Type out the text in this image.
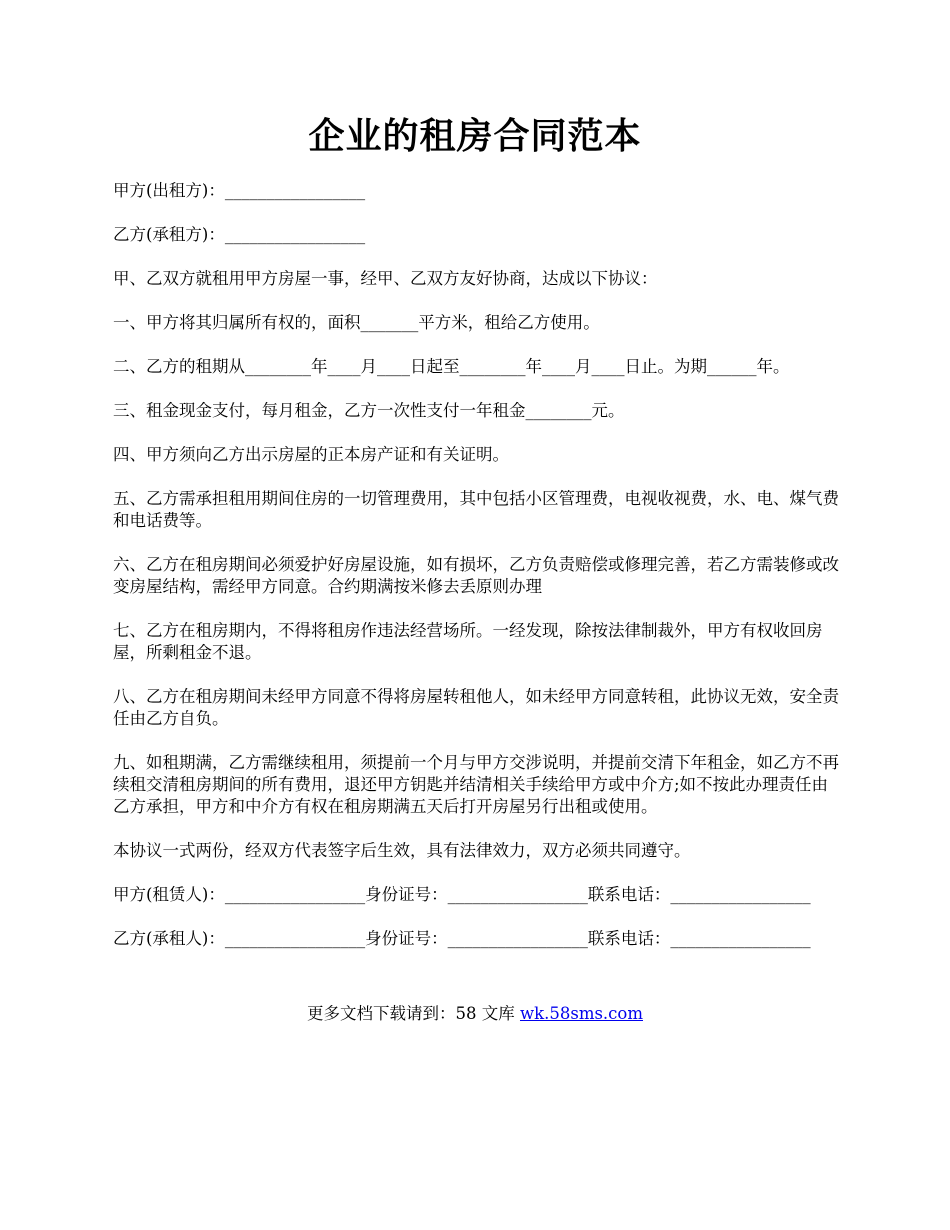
企业的租房合同范本

甲方(出租方)：_________________

乙方(承租方)：_________________

甲、乙双方就租用甲方房屋一事，经甲、乙双方友好协商，达成以下协议：

一、甲方将其归属所有权的，面积_______平方米，租给乙方使用。

二、乙方的租期从________年____月____日起至________年____月____日止。为期______年。

三、租金现金支付，每月租金，乙方一次性支付一年租金________元。

四、甲方须向乙方出示房屋的正本房产证和有关证明。

五、乙方需承担租用期间住房的一切管理费用，其中包括小区管理费，电视收视费，水、电、煤气费和电话费等。

六、乙方在租房期间必须爱护好房屋设施，如有损坏，乙方负责赔偿或修理完善，若乙方需装修或改变房屋结构，需经甲方同意。合约期满按米修去丢原则办理

七、乙方在租房期内，不得将租房作违法经营场所。一经发现，除按法律制裁外，甲方有权收回房屋，所剩租金不退。

八、乙方在租房期间未经甲方同意不得将房屋转租他人，如未经甲方同意转租，此协议无效，安全责任由乙方自负。

九、如租期满，乙方需继续租用，须提前一个月与甲方交涉说明，并提前交清下年租金，如乙方不再续租交清租房期间的所有费用，退还甲方钥匙并结清相关手续给甲方或中介方;如不按此办理责任由乙方承担，甲方和中介方有权在租房期满五天后打开房屋另行出租或使用。

本协议一式两份，经双方代表签字后生效，具有法律效力，双方必须共同遵守。

甲方(租赁人)：_________________身份证号：_________________联系电话：_________________

乙方(承租人)：_________________身份证号：_________________联系电话：_________________

更多文档下载请到：58 文库 wk.58sms.com
